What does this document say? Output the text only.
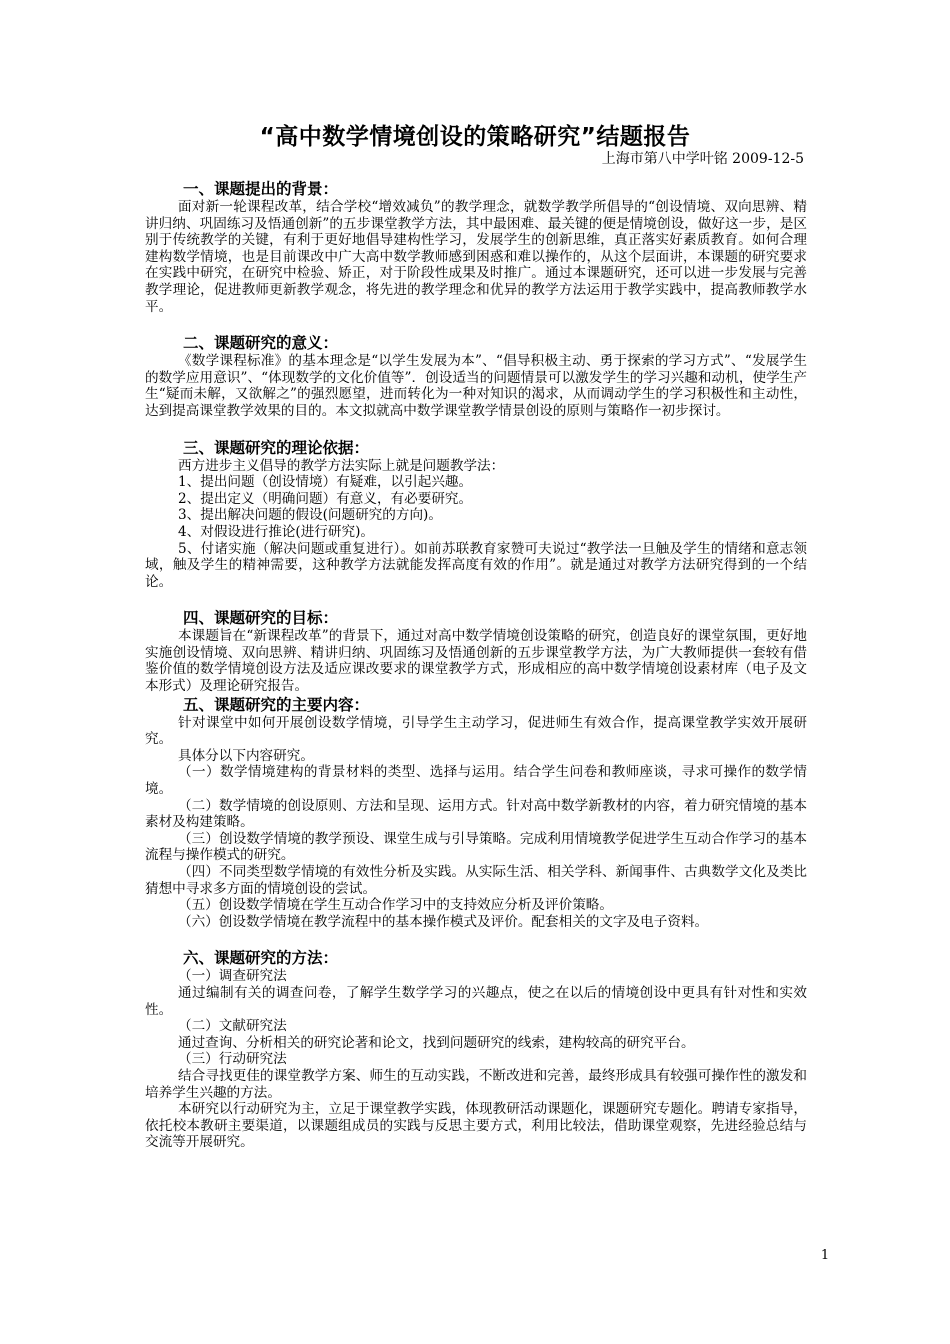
“高中数学情境创设的策略研究”结题报告
上海市第八中学叶铭 2009-12-5
一、课题提出的背景：

面对新一轮课程改革，结合学校“增效减负”的教学理念，就数学教学所倡导的“创设情境、双向思辨、精讲归纳、巩固练习及悟通创新”的五步课堂教学方法，其中最困难、最关键的便是情境创设，做好这一步，是区别于传统教学的关键，有利于更好地倡导建构性学习，发展学生的创新思维，真正落实好素质教育。如何合理建构数学情境，也是目前课改中广大高中数学教师感到困惑和难以操作的，从这个层面讲，本课题的研究要求在实践中研究，在研究中检验、矫正，对于阶段性成果及时推广。通过本课题研究，还可以进一步发展与完善教学理论，促进教师更新教学观念，将先进的教学理念和优异的教学方法运用于教学实践中，提高教师教学水平。

二、课题研究的意义：

《数学课程标准》的基本理念是“以学生发展为本”、“倡导积极主动、勇于探索的学习方式”、“发展学生的数学应用意识”、“体现数学的文化价值等”．创设适当的问题情景可以激发学生的学习兴趣和动机，使学生产生“疑而未解，又欲解之”的强烈愿望，进而转化为一种对知识的渴求，从而调动学生的学习积极性和主动性，达到提高课堂教学效果的目的。本文拟就高中数学课堂教学情景创设的原则与策略作一初步探讨。

三、课题研究的理论依据：

西方进步主义倡导的教学方法实际上就是问题教学法：

1、提出问题（创设情境）有疑难，以引起兴趣。

2、提出定义（明确问题）有意义，有必要研究。

3、提出解决问题的假设(问题研究的方向)。

4、对假设进行推论(进行研究)。

5、付诸实施（解决问题或重复进行）。如前苏联教育家赞可夫说过“教学法一旦触及学生的情绪和意志领域，触及学生的精神需要，这种教学方法就能发挥高度有效的作用”。就是通过对教学方法研究得到的一个结论。

四、课题研究的目标：

本课题旨在“新课程改革”的背景下，通过对高中数学情境创设策略的研究，创造良好的课堂氛围，更好地实施创设情境、双向思辨、精讲归纳、巩固练习及悟通创新的五步课堂教学方法，为广大教师提供一套较有借鉴价值的数学情境创设方法及适应课改要求的课堂教学方式，形成相应的高中数学情境创设素材库（电子及文本形式）及理论研究报告。

五、课题研究的主要内容：

针对课堂中如何开展创设数学情境，引导学生主动学习，促进师生有效合作，提高课堂教学实效开展研究。

具体分以下内容研究。

（一）数学情境建构的背景材料的类型、选择与运用。结合学生问卷和教师座谈，寻求可操作的数学情境。

（二）数学情境的创设原则、方法和呈现、运用方式。针对高中数学新教材的内容，着力研究情境的基本素材及构建策略。

（三）创设数学情境的教学预设、课堂生成与引导策略。完成利用情境教学促进学生互动合作学习的基本流程与操作模式的研究。

（四）不同类型数学情境的有效性分析及实践。从实际生活、相关学科、新闻事件、古典数学文化及类比猜想中寻求多方面的情境创设的尝试。

（五）创设数学情境在学生互动合作学习中的支持效应分析及评价策略。

（六）创设数学情境在教学流程中的基本操作模式及评价。配套相关的文字及电子资料。

六、课题研究的方法：

（一）调查研究法

通过编制有关的调查问卷，了解学生数学学习的兴趣点，使之在以后的情境创设中更具有针对性和实效性。

（二）文献研究法

通过查询、分析相关的研究论著和论文，找到问题研究的线索，建构较高的研究平台。

（三）行动研究法

结合寻找更佳的课堂教学方案、师生的互动实践，不断改进和完善，最终形成具有较强可操作性的激发和培养学生兴趣的方法。

本研究以行动研究为主，立足于课堂教学实践，体现教研活动课题化，课题研究专题化。聘请专家指导，依托校本教研主要渠道，以课题组成员的实践与反思主要方式，利用比较法，借助课堂观察，先进经验总结与交流等开展研究。

1
